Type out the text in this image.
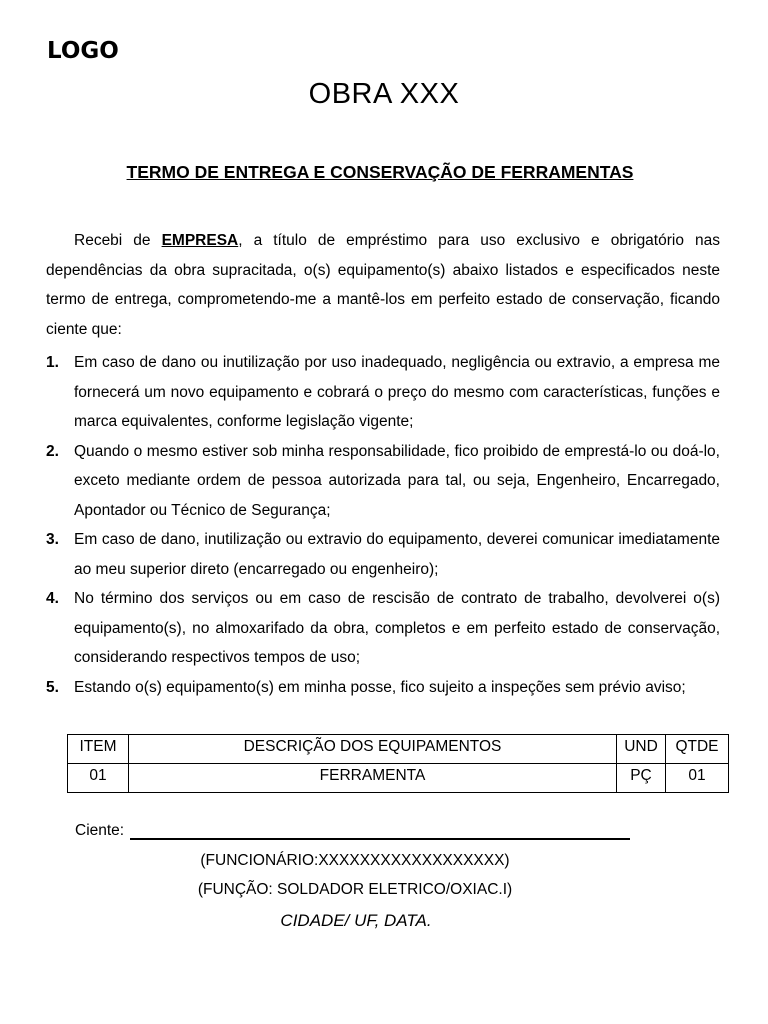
LOGO
OBRA XXX
TERMO DE ENTREGA E CONSERVAÇÃO DE FERRAMENTAS

Recebi de EMPRESA, a título de empréstimo para uso exclusivo e obrigatório nas dependências da obra supracitada, o(s) equipamento(s) abaixo listados e especificados neste termo de entrega, comprometendo-me a mantê-los em perfeito estado de conservação, ficando ciente que:

1. Em caso de dano ou inutilização por uso inadequado, negligência ou extravio, a empresa me fornecerá um novo equipamento e cobrará o preço do mesmo com características, funções e marca equivalentes, conforme legislação vigente;
2. Quando o mesmo estiver sob minha responsabilidade, fico proibido de emprestá-lo ou doá-lo, exceto mediante ordem de pessoa autorizada para tal, ou seja, Engenheiro, Encarregado, Apontador ou Técnico de Segurança;
3. Em caso de dano, inutilização ou extravio do equipamento, deverei comunicar imediatamente ao meu superior direto (encarregado ou engenheiro);
4. No término dos serviços ou em caso de rescisão de contrato de trabalho, devolverei o(s) equipamento(s), no almoxarifado da obra, completos e em perfeito estado de conservação, considerando respectivos tempos de uso;
5. Estando o(s) equipamento(s) em minha posse, fico sujeito a inspeções sem prévio aviso;
ITEM	DESCRIÇÃO DOS EQUIPAMENTOS	UND	QTDE
01	FERRAMENTA	PÇ	01
Ciente:
(FUNCIONÁRIO:XXXXXXXXXXXXXXXXXX)
(FUNÇÃO: SOLDADOR ELETRICO/OXIAC.I)
CIDADE/ UF, DATA.
